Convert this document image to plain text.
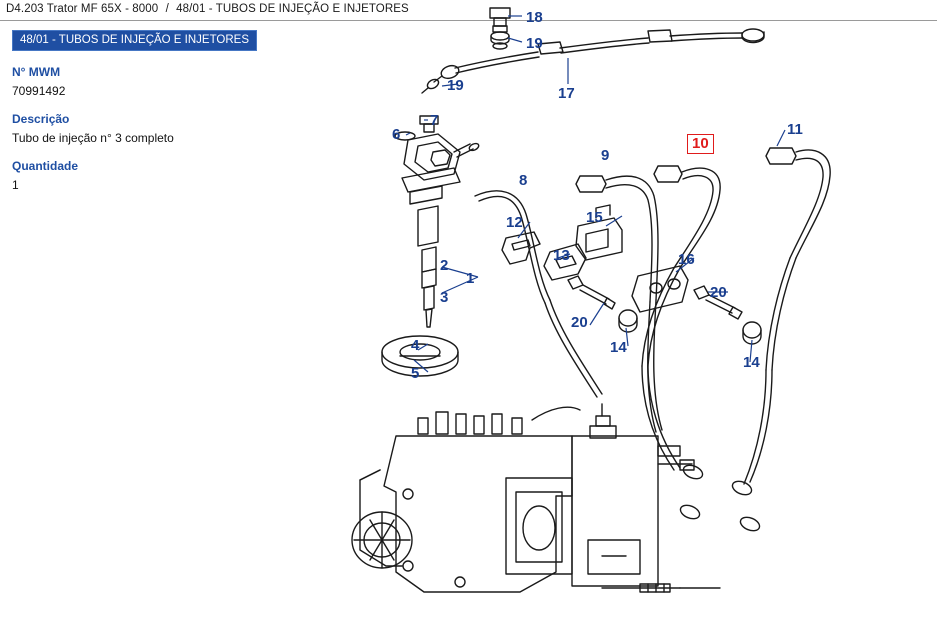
D4.203 Trator MF 65X - 8000 / 48/01 - TUBOS DE INJEÇÃO E INJETORES
48/01 - TUBOS DE INJEÇÃO E INJETORES
N° MWM
70991492
Descrição
Tubo de injeção n° 3 completo
Quantidade
1
18
19
19	17
7
6	11
10
9
8
12	15
13	16
2
1
3	20
20
14
14
4
5
